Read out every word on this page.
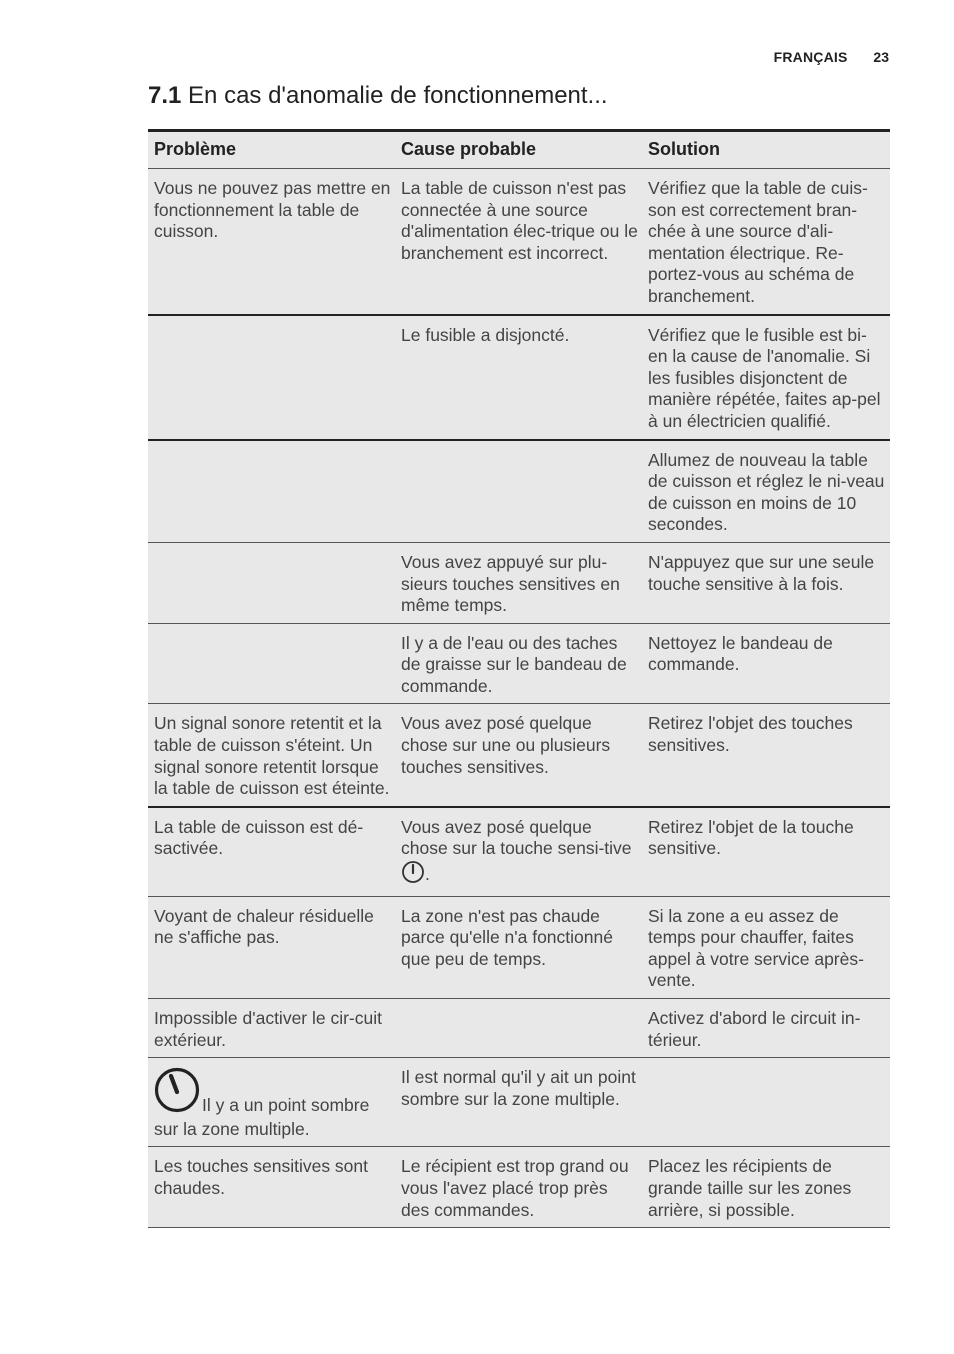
FRANÇAIS 23
7.1 En cas d'anomalie de fonctionnement...
Problème	Cause probable	Solution
Vous ne pouvez pas mettre en fonctionnement la table de cuisson.	La table de cuisson n'est pas connectée à une source d'alimentation élec-trique ou le branchement est incorrect.	Vérifiez que la table de cuis-son est correctement bran-chée à une source d'ali-mentation électrique. Re-portez-vous au schéma de branchement.
	Le fusible a disjoncté.	Vérifiez que le fusible est bi-en la cause de l'anomalie. Si les fusibles disjonctent de manière répétée, faites ap-pel à un électricien qualifié.
		Allumez de nouveau la table de cuisson et réglez le ni-veau de cuisson en moins de 10 secondes.
	Vous avez appuyé sur plu-sieurs touches sensitives en même temps.	N'appuyez que sur une seule touche sensitive à la fois.
	Il y a de l'eau ou des taches de graisse sur le bandeau de commande.	Nettoyez le bandeau de commande.
Un signal sonore retentit et la table de cuisson s'éteint. Un signal sonore retentit lorsque la table de cuisson est éteinte.	Vous avez posé quelque chose sur une ou plusieurs touches sensitives.	Retirez l'objet des touches sensitives.
La table de cuisson est dé-sactivée.	Vous avez posé quelque chose sur la touche sensi-tive .	Retirez l'objet de la touche sensitive.
Voyant de chaleur résiduelle ne s'affiche pas.	La zone n'est pas chaude parce qu'elle n'a fonctionné que peu de temps.	Si la zone a eu assez de temps pour chauffer, faites appel à votre service après-vente.
Impossible d'activer le cir-cuit extérieur.		Activez d'abord le circuit in-térieur.
Il y a un point sombre sur la zone multiple.	Il est normal qu'il y ait un point sombre sur la zone multiple.	
Les touches sensitives sont chaudes.	Le récipient est trop grand ou vous l'avez placé trop près des commandes.	Placez les récipients de grande taille sur les zones arrière, si possible.
